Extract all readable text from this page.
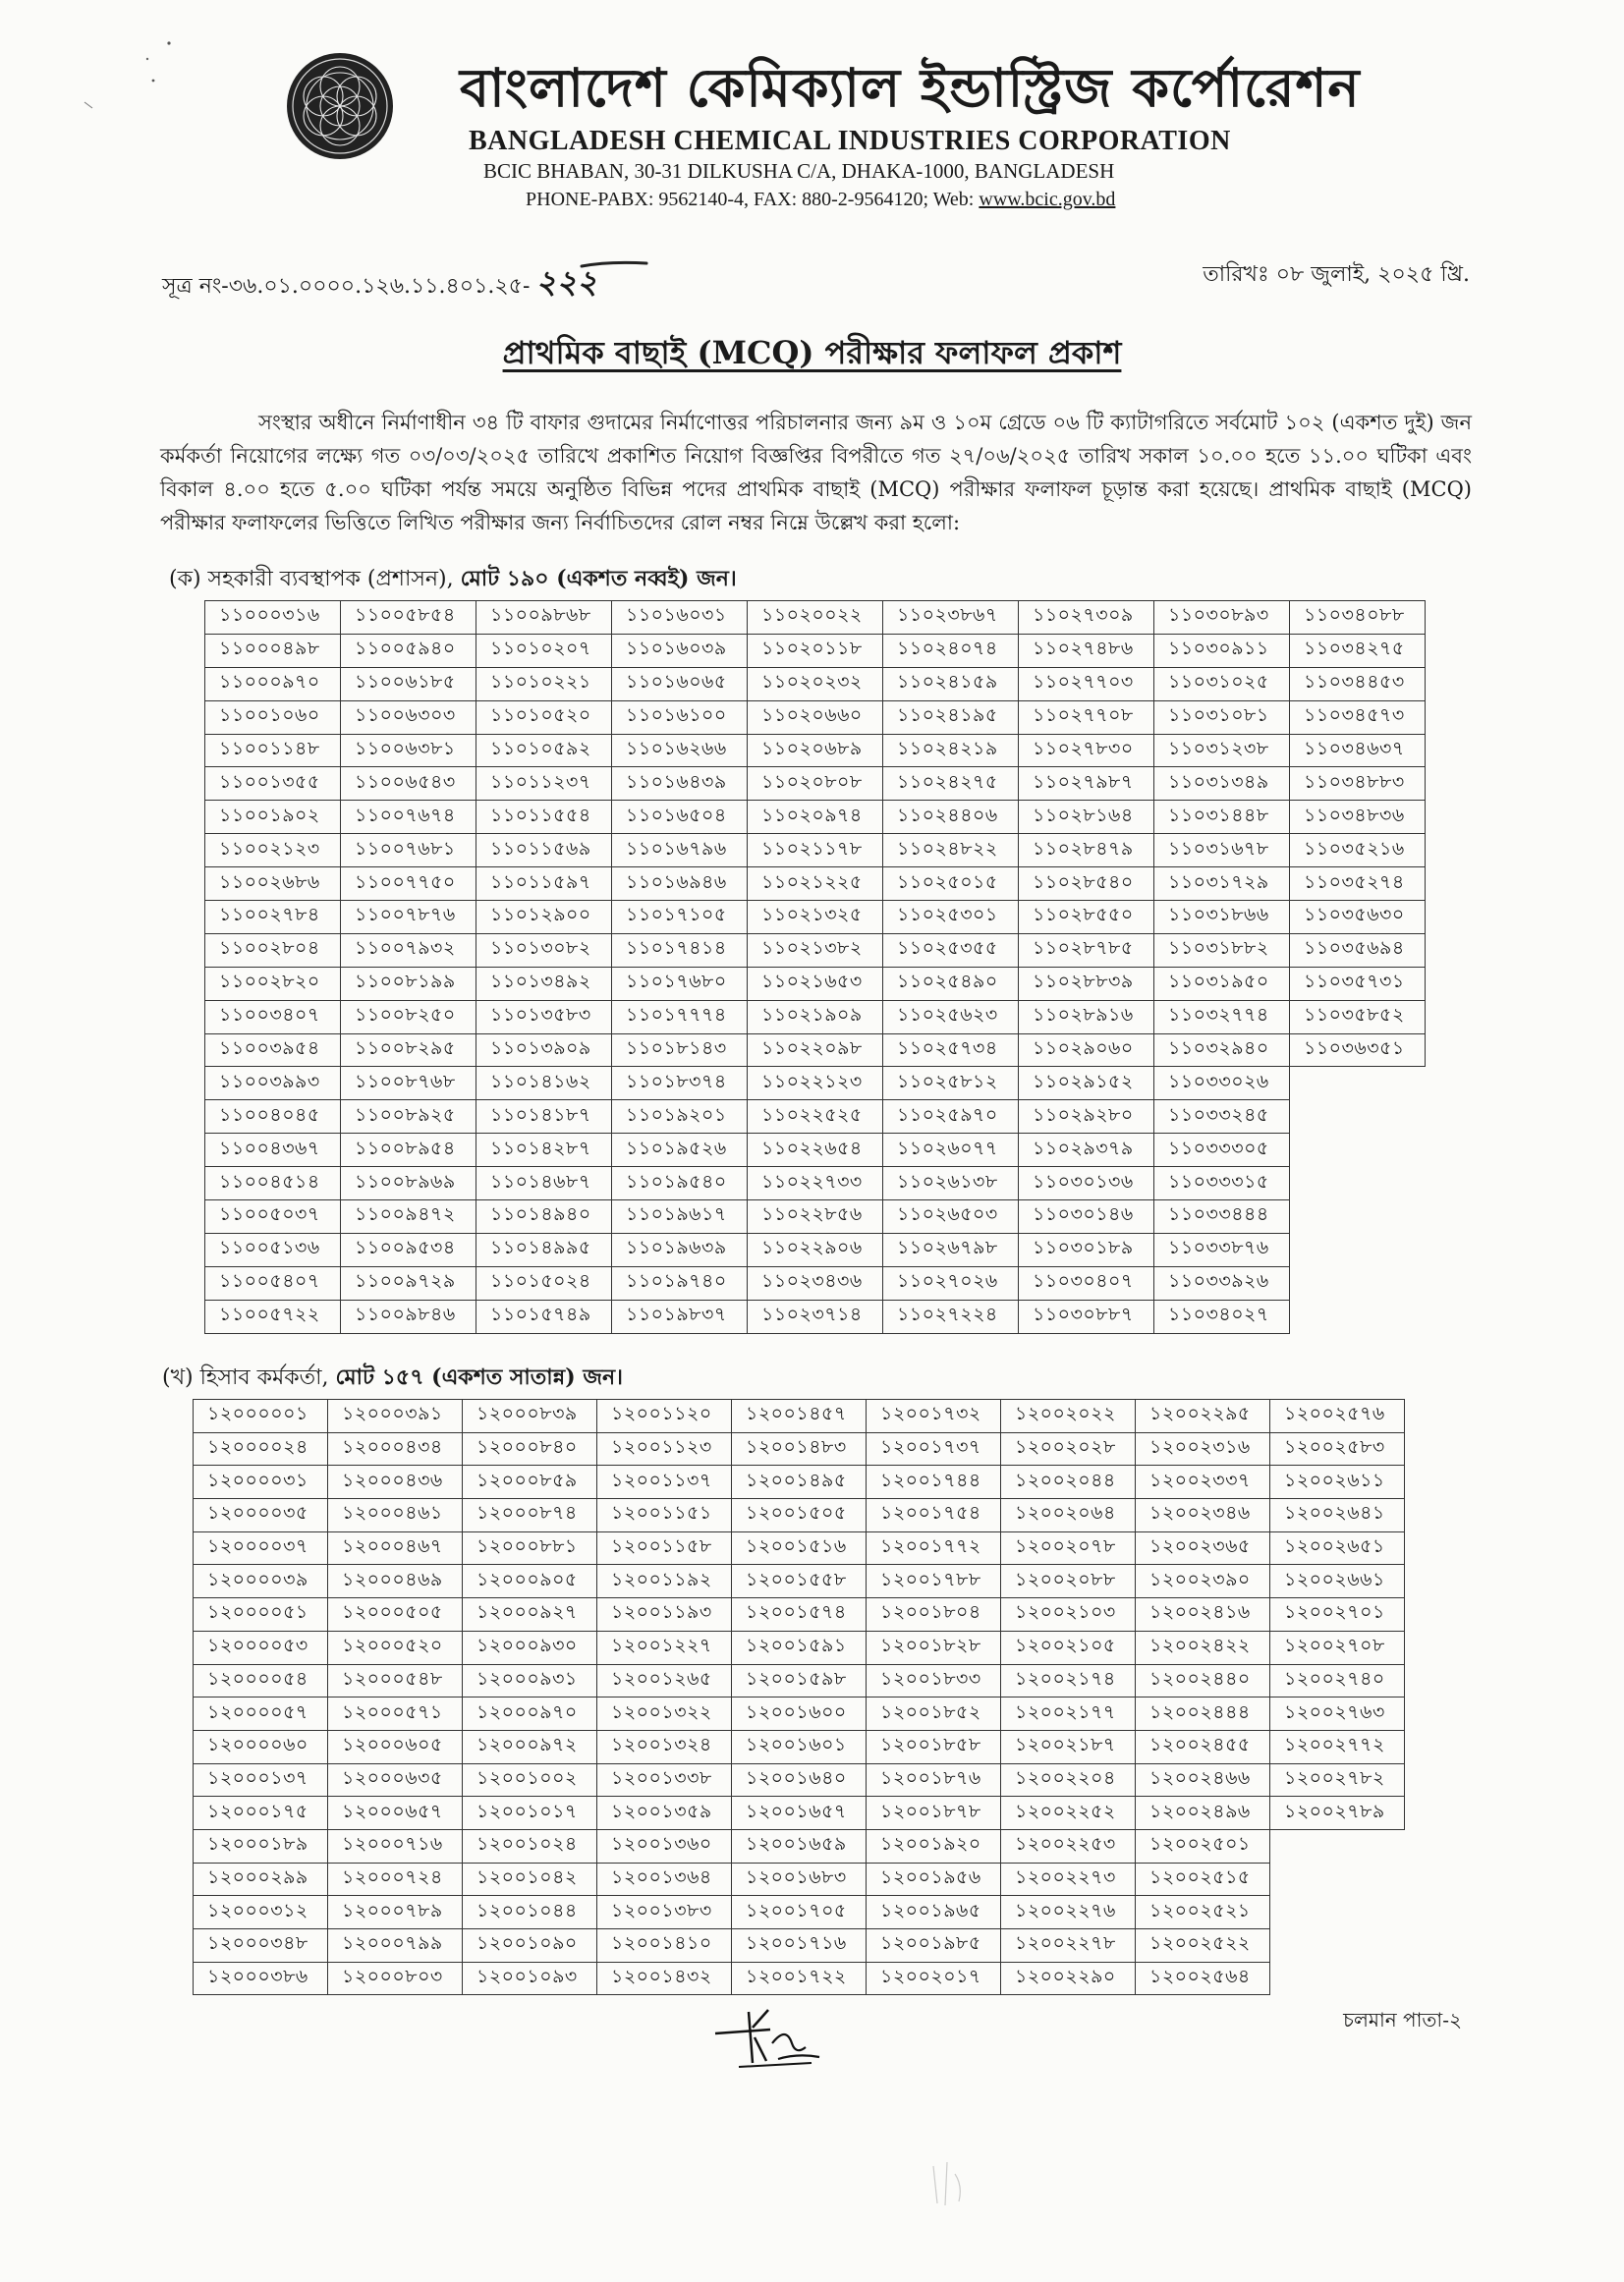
বাংলাদেশ কেমিক্যাল ইন্ডাস্ট্রিজ কর্পোরেশন
BANGLADESH CHEMICAL INDUSTRIES CORPORATION
BCIC BHABAN, 30-31 DILKUSHA C/A, DHAKA-1000, BANGLADESH
PHONE-PABX: 9562140-4, FAX: 880-2-9564120; Web: www.bcic.gov.bd
সূত্র নং-৩৬.০১.০০০০.১২৬.১১.৪০১.২৫- ২২২	তারিখঃ ০৮ জুলাই, ২০২৫ খ্রি.
প্রাথমিক বাছাই (MCQ) পরীক্ষার ফলাফল প্রকাশ
সংস্থার অধীনে নির্মাণাধীন ৩৪ টি বাফার গুদামের নির্মাণোত্তর পরিচালনার জন্য ৯ম ও ১০ম গ্রেডে ০৬ টি ক্যাটাগরিতে সর্বমোট ১০২ (একশত দুই) জন কর্মকর্তা নিয়োগের লক্ষ্যে গত ০৩/০৩/২০২৫ তারিখে প্রকাশিত নিয়োগ বিজ্ঞপ্তির বিপরীতে গত ২৭/০৬/২০২৫ তারিখ সকাল ১০.০০ হতে ১১.০০ ঘটিকা এবং বিকাল ৪.০০ হতে ৫.০০ ঘটিকা পর্যন্ত সময়ে অনুষ্ঠিত বিভিন্ন পদের প্রাথমিক বাছাই (MCQ) পরীক্ষার ফলাফল চূড়ান্ত করা হয়েছে। প্রাথমিক বাছাই (MCQ) পরীক্ষার ফলাফলের ভিত্তিতে লিখিত পরীক্ষার জন্য নির্বাচিতদের রোল নম্বর নিম্নে উল্লেখ করা হলো:
(ক) সহকারী ব্যবস্থাপক (প্রশাসন), মোট ১৯০ (একশত নব্বই) জন।
১১০০০৩১৬	১১০০৫৮৫৪	১১০০৯৮৬৮	১১০১৬০৩১	১১০২০০২২	১১০২৩৮৬৭	১১০২৭৩০৯	১১০৩০৮৯৩	১১০৩৪০৮৮
১১০০০৪৯৮	১১০০৫৯৪০	১১০১০২০৭	১১০১৬০৩৯	১১০২০১১৮	১১০২৪০৭৪	১১০২৭৪৮৬	১১০৩০৯১১	১১০৩৪২৭৫
১১০০০৯৭০	১১০০৬১৮৫	১১০১০২২১	১১০১৬০৬৫	১১০২০২৩২	১১০২৪১৫৯	১১০২৭৭০৩	১১০৩১০২৫	১১০৩৪৪৫৩
১১০০১০৬০	১১০০৬৩০৩	১১০১০৫২০	১১০১৬১০০	১১০২০৬৬০	১১০২৪১৯৫	১১০২৭৭০৮	১১০৩১০৮১	১১০৩৪৫৭৩
১১০০১১৪৮	১১০০৬৩৮১	১১০১০৫৯২	১১০১৬২৬৬	১১০২০৬৮৯	১১০২৪২১৯	১১০২৭৮৩০	১১০৩১২৩৮	১১০৩৪৬৩৭
১১০০১৩৫৫	১১০০৬৫৪৩	১১০১১২৩৭	১১০১৬৪৩৯	১১০২০৮০৮	১১০২৪২৭৫	১১০২৭৯৮৭	১১০৩১৩৪৯	১১০৩৪৮৮৩
১১০০১৯০২	১১০০৭৬৭৪	১১০১১৫৫৪	১১০১৬৫০৪	১১০২০৯৭৪	১১০২৪৪০৬	১১০২৮১৬৪	১১০৩১৪৪৮	১১০৩৪৮৩৬
১১০০২১২৩	১১০০৭৬৮১	১১০১১৫৬৯	১১০১৬৭৯৬	১১০২১১৭৮	১১০২৪৮২২	১১০২৮৪৭৯	১১০৩১৬৭৮	১১০৩৫২১৬
১১০০২৬৮৬	১১০০৭৭৫০	১১০১১৫৯৭	১১০১৬৯৪৬	১১০২১২২৫	১১০২৫০১৫	১১০২৮৫৪০	১১০৩১৭২৯	১১০৩৫২৭৪
১১০০২৭৮৪	১১০০৭৮৭৬	১১০১২৯০০	১১০১৭১০৫	১১০২১৩২৫	১১০২৫৩০১	১১০২৮৫৫০	১১০৩১৮৬৬	১১০৩৫৬৩০
১১০০২৮০৪	১১০০৭৯৩২	১১০১৩০৮২	১১০১৭৪১৪	১১০২১৩৮২	১১০২৫৩৫৫	১১০২৮৭৮৫	১১০৩১৮৮২	১১০৩৫৬৯৪
১১০০২৮২০	১১০০৮১৯৯	১১০১৩৪৯২	১১০১৭৬৮০	১১০২১৬৫৩	১১০২৫৪৯০	১১০২৮৮৩৯	১১০৩১৯৫০	১১০৩৫৭৩১
১১০০৩৪০৭	১১০০৮২৫০	১১০১৩৫৮৩	১১০১৭৭৭৪	১১০২১৯০৯	১১০২৫৬২৩	১১০২৮৯১৬	১১০৩২৭৭৪	১১০৩৫৮৫২
১১০০৩৯৫৪	১১০০৮২৯৫	১১০১৩৯০৯	১১০১৮১৪৩	১১০২২০৯৮	১১০২৫৭৩৪	১১০২৯০৬০	১১০৩২৯৪০	১১০৩৬৩৫১
১১০০৩৯৯৩	১১০০৮৭৬৮	১১০১৪১৬২	১১০১৮৩৭৪	১১০২২১২৩	১১০২৫৮১২	১১০২৯১৫২	১১০৩৩০২৬	
১১০০৪০৪৫	১১০০৮৯২৫	১১০১৪১৮৭	১১০১৯২০১	১১০২২৫২৫	১১০২৫৯৭০	১১০২৯২৮০	১১০৩৩২৪৫	
১১০০৪৩৬৭	১১০০৮৯৫৪	১১০১৪২৮৭	১১০১৯৫২৬	১১০২২৬৫৪	১১০২৬০৭৭	১১০২৯৩৭৯	১১০৩৩৩০৫	
১১০০৪৫১৪	১১০০৮৯৬৯	১১০১৪৬৮৭	১১০১৯৫৪০	১১০২২৭৩৩	১১০২৬১৩৮	১১০৩০১৩৬	১১০৩৩৩১৫	
১১০০৫০৩৭	১১০০৯৪৭২	১১০১৪৯৪০	১১০১৯৬১৭	১১০২২৮৫৬	১১০২৬৫০৩	১১০৩০১৪৬	১১০৩৩৪৪৪	
১১০০৫১৩৬	১১০০৯৫৩৪	১১০১৪৯৯৫	১১০১৯৬৩৯	১১০২২৯০৬	১১০২৬৭৯৮	১১০৩০১৮৯	১১০৩৩৮৭৬	
১১০০৫৪০৭	১১০০৯৭২৯	১১০১৫০২৪	১১০১৯৭৪০	১১০২৩৪৩৬	১১০২৭০২৬	১১০৩০৪০৭	১১০৩৩৯২৬	
১১০০৫৭২২	১১০০৯৮৪৬	১১০১৫৭৪৯	১১০১৯৮৩৭	১১০২৩৭১৪	১১০২৭২২৪	১১০৩০৮৮৭	১১০৩৪০২৭	
(খ) হিসাব কর্মকর্তা, মোট ১৫৭ (একশত সাতান্ন) জন।
১২০০০০০১	১২০০০৩৯১	১২০০০৮৩৯	১২০০১১২০	১২০০১৪৫৭	১২০০১৭৩২	১২০০২০২২	১২০০২২৯৫	১২০০২৫৭৬
১২০০০০২৪	১২০০০৪৩৪	১২০০০৮৪০	১২০০১১২৩	১২০০১৪৮৩	১২০০১৭৩৭	১২০০২০২৮	১২০০২৩১৬	১২০০২৫৮৩
১২০০০০৩১	১২০০০৪৩৬	১২০০০৮৫৯	১২০০১১৩৭	১২০০১৪৯৫	১২০০১৭৪৪	১২০০২০৪৪	১২০০২৩৩৭	১২০০২৬১১
১২০০০০৩৫	১২০০০৪৬১	১২০০০৮৭৪	১২০০১১৫১	১২০০১৫০৫	১২০০১৭৫৪	১২০০২০৬৪	১২০০২৩৪৬	১২০০২৬৪১
১২০০০০৩৭	১২০০০৪৬৭	১২০০০৮৮১	১২০০১১৫৮	১২০০১৫১৬	১২০০১৭৭২	১২০০২০৭৮	১২০০২৩৬৫	১২০০২৬৫১
১২০০০০৩৯	১২০০০৪৬৯	১২০০০৯০৫	১২০০১১৯২	১২০০১৫৫৮	১২০০১৭৮৮	১২০০২০৮৮	১২০০২৩৯০	১২০০২৬৬১
১২০০০০৫১	১২০০০৫০৫	১২০০০৯২৭	১২০০১১৯৩	১২০০১৫৭৪	১২০০১৮০৪	১২০০২১০৩	১২০০২৪১৬	১২০০২৭০১
১২০০০০৫৩	১২০০০৫২০	১২০০০৯৩০	১২০০১২২৭	১২০০১৫৯১	১২০০১৮২৮	১২০০২১০৫	১২০০২৪২২	১২০০২৭০৮
১২০০০০৫৪	১২০০০৫৪৮	১২০০০৯৩১	১২০০১২৬৫	১২০০১৫৯৮	১২০০১৮৩৩	১২০০২১৭৪	১২০০২৪৪০	১২০০২৭৪০
১২০০০০৫৭	১২০০০৫৭১	১২০০০৯৭০	১২০০১৩২২	১২০০১৬০০	১২০০১৮৫২	১২০০২১৭৭	১২০০২৪৪৪	১২০০২৭৬৩
১২০০০০৬০	১২০০০৬০৫	১২০০০৯৭২	১২০০১৩২৪	১২০০১৬০১	১২০০১৮৫৮	১২০০২১৮৭	১২০০২৪৫৫	১২০০২৭৭২
১২০০০১৩৭	১২০০০৬৩৫	১২০০১০০২	১২০০১৩৩৮	১২০০১৬৪০	১২০০১৮৭৬	১২০০২২০৪	১২০০২৪৬৬	১২০০২৭৮২
১২০০০১৭৫	১২০০০৬৫৭	১২০০১০১৭	১২০০১৩৫৯	১২০০১৬৫৭	১২০০১৮৭৮	১২০০২২৫২	১২০০২৪৯৬	১২০০২৭৮৯
১২০০০১৮৯	১২০০০৭১৬	১২০০১০২৪	১২০০১৩৬০	১২০০১৬৫৯	১২০০১৯২০	১২০০২২৫৩	১২০০২৫০১	
১২০০০২৯৯	১২০০০৭২৪	১২০০১০৪২	১২০০১৩৬৪	১২০০১৬৮৩	১২০০১৯৫৬	১২০০২২৭৩	১২০০২৫১৫	
১২০০০৩১২	১২০০০৭৮৯	১২০০১০৪৪	১২০০১৩৮৩	১২০০১৭০৫	১২০০১৯৬৫	১২০০২২৭৬	১২০০২৫২১	
১২০০০৩৪৮	১২০০০৭৯৯	১২০০১০৯০	১২০০১৪১০	১২০০১৭১৬	১২০০১৯৮৫	১২০০২২৭৮	১২০০২৫২২	
১২০০০৩৮৬	১২০০০৮০৩	১২০০১০৯৩	১২০০১৪৩২	১২০০১৭২২	১২০০২০১৭	১২০০২২৯০	১২০০২৫৬৪	
চলমান পাতা-২
